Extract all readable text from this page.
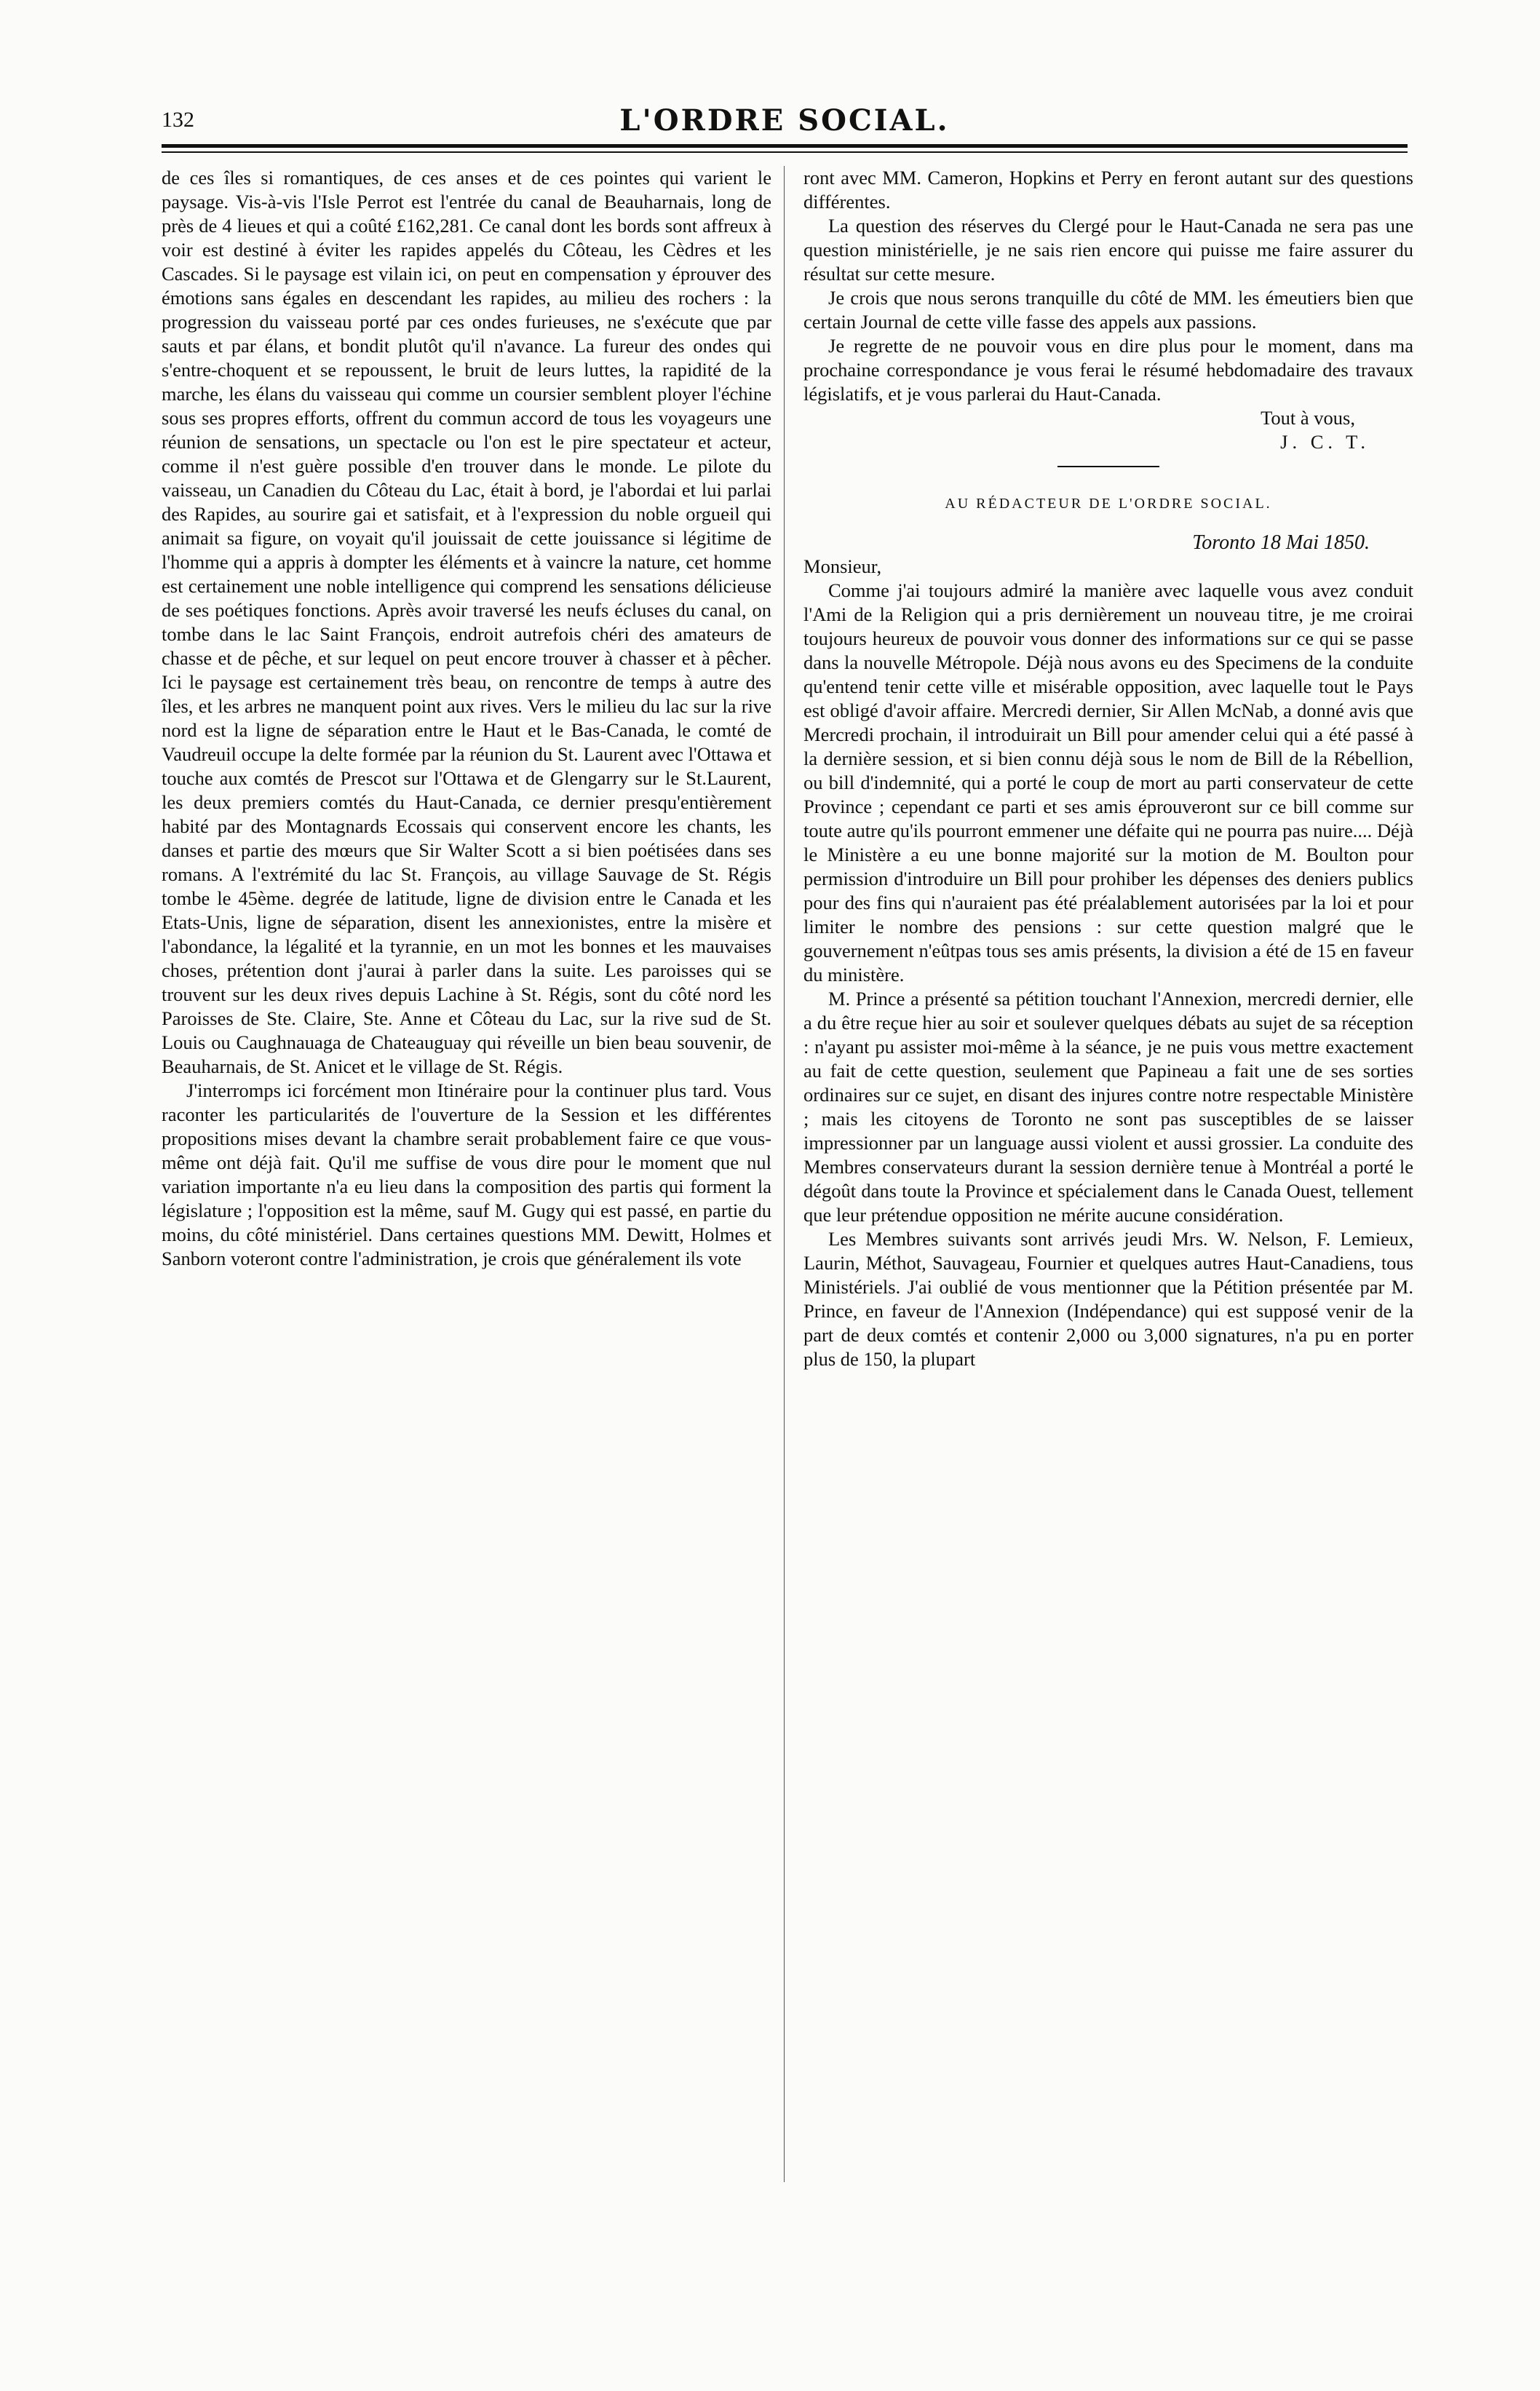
132	L'ORDRE SOCIAL.

de ces îles si romantiques, de ces anses et de ces pointes qui varient le paysage. Vis-à-vis l'Isle Perrot est l'entrée du canal de Beauharnais, long de près de 4 lieues et qui a coûté £162,281. Ce canal dont les bords sont affreux à voir est destiné à éviter les rapides appelés du Côteau, les Cèdres et les Cascades. Si le paysage est vilain ici, on peut en compensation y éprouver des émotions sans égales en descendant les rapides, au milieu des rochers : la progression du vaisseau porté par ces ondes furieuses, ne s'exécute que par sauts et par élans, et bondit plutôt qu'il n'avance. La fureur des ondes qui s'entre-choquent et se repoussent, le bruit de leurs luttes, la rapidité de la marche, les élans du vaisseau qui comme un coursier semblent ployer l'échine sous ses propres efforts, offrent du commun accord de tous les voyageurs une réunion de sensations, un spectacle ou l'on est le pire spectateur et acteur, comme il n'est guère possible d'en trouver dans le monde. Le pilote du vaisseau, un Canadien du Côteau du Lac, était à bord, je l'abordai et lui parlai des Rapides, au sourire gai et satisfait, et à l'expression du noble orgueil qui animait sa figure, on voyait qu'il jouissait de cette jouissance si légitime de l'homme qui a appris à dompter les éléments et à vaincre la nature, cet homme est certainement une noble intelligence qui comprend les sensations délicieuse de ses poétiques fonctions. Après avoir traversé les neufs écluses du canal, on tombe dans le lac Saint François, endroit autrefois chéri des amateurs de chasse et de pêche, et sur lequel on peut encore trouver à chasser et à pêcher. Ici le paysage est certainement très beau, on rencontre de temps à autre des îles, et les arbres ne manquent point aux rives. Vers le milieu du lac sur la rive nord est la ligne de séparation entre le Haut et le Bas-Canada, le comté de Vaudreuil occupe la delte formée par la réunion du St. Laurent avec l'Ottawa et touche aux comtés de Prescot sur l'Ottawa et de Glengarry sur le St.Laurent, les deux premiers comtés du Haut-Canada, ce dernier presqu'entièrement habité par des Montagnards Ecossais qui conservent encore les chants, les danses et partie des mœurs que Sir Walter Scott a si bien poétisées dans ses romans. A l'extrémité du lac St. François, au village Sauvage de St. Régis tombe le 45ème. degrée de latitude, ligne de division entre le Canada et les Etats-Unis, ligne de séparation, disent les annexionistes, entre la misère et l'abondance, la légalité et la tyrannie, en un mot les bonnes et les mauvaises choses, prétention dont j'aurai à parler dans la suite. Les paroisses qui se trouvent sur les deux rives depuis Lachine à St. Régis, sont du côté nord les Paroisses de Ste. Claire, Ste. Anne et Côteau du Lac, sur la rive sud de St. Louis ou Caughnauaga de Chateauguay qui réveille un bien beau souvenir, de Beauharnais, de St. Anicet et le village de St. Régis.

J'interromps ici forcément mon Itinéraire pour la continuer plus tard. Vous raconter les particularités de l'ouverture de la Session et les différentes propositions mises devant la chambre serait probablement faire ce que vous-même ont déjà fait. Qu'il me suffise de vous dire pour le moment que nul variation importante n'a eu lieu dans la composition des partis qui forment la législature ; l'opposition est la même, sauf M. Gugy qui est passé, en partie du moins, du côté ministériel. Dans certaines questions MM. Dewitt, Holmes et Sanborn voteront contre l'administration, je crois que généralement ils vote

ront avec MM. Cameron, Hopkins et Perry en feront autant sur des questions différentes.

La question des réserves du Clergé pour le Haut-Canada ne sera pas une question ministérielle, je ne sais rien encore qui puisse me faire assurer du résultat sur cette mesure.

Je crois que nous serons tranquille du côté de MM. les émeutiers bien que certain Journal de cette ville fasse des appels aux passions.

Je regrette de ne pouvoir vous en dire plus pour le moment, dans ma prochaine correspondance je vous ferai le résumé hebdomadaire des travaux législatifs, et je vous parlerai du Haut-Canada.

Tout à vous,

J. C. T.

AU RÉDACTEUR DE L'ORDRE SOCIAL.

Toronto 18 Mai 1850.

Monsieur,

Comme j'ai toujours admiré la manière avec laquelle vous avez conduit l'Ami de la Religion qui a pris dernièrement un nouveau titre, je me croirai toujours heureux de pouvoir vous donner des informations sur ce qui se passe dans la nouvelle Métropole. Déjà nous avons eu des Specimens de la conduite qu'entend tenir cette ville et misérable opposition, avec laquelle tout le Pays est obligé d'avoir affaire. Mercredi dernier, Sir Allen McNab, a donné avis que Mercredi prochain, il introduirait un Bill pour amender celui qui a été passé à la dernière session, et si bien connu déjà sous le nom de Bill de la Rébellion, ou bill d'indemnité, qui a porté le coup de mort au parti conservateur de cette Province ; cependant ce parti et ses amis éprouveront sur ce bill comme sur toute autre qu'ils pourront emmener une défaite qui ne pourra pas nuire.... Déjà le Ministère a eu une bonne majorité sur la motion de M. Boulton pour permission d'introduire un Bill pour prohiber les dépenses des deniers publics pour des fins qui n'auraient pas été préalablement autorisées par la loi et pour limiter le nombre des pensions : sur cette question malgré que le gouvernement n'eûtpas tous ses amis présents, la division a été de 15 en faveur du ministère.

M. Prince a présenté sa pétition touchant l'Annexion, mercredi dernier, elle a du être reçue hier au soir et soulever quelques débats au sujet de sa réception : n'ayant pu assister moi-même à la séance, je ne puis vous mettre exactement au fait de cette question, seulement que Papineau a fait une de ses sorties ordinaires sur ce sujet, en disant des injures contre notre respectable Ministère ; mais les citoyens de Toronto ne sont pas susceptibles de se laisser impressionner par un language aussi violent et aussi grossier. La conduite des Membres conservateurs durant la session dernière tenue à Montréal a porté le dégoût dans toute la Province et spécialement dans le Canada Ouest, tellement que leur prétendue opposition ne mérite aucune considération.

Les Membres suivants sont arrivés jeudi Mrs. W. Nelson, F. Lemieux, Laurin, Méthot, Sauvageau, Fournier et quelques autres Haut-Canadiens, tous Ministériels. J'ai oublié de vous mentionner que la Pétition présentée par M. Prince, en faveur de l'Annexion (Indépendance) qui est supposé venir de la part de deux comtés et contenir 2,000 ou 3,000 signatures, n'a pu en porter plus de 150, la plupart
